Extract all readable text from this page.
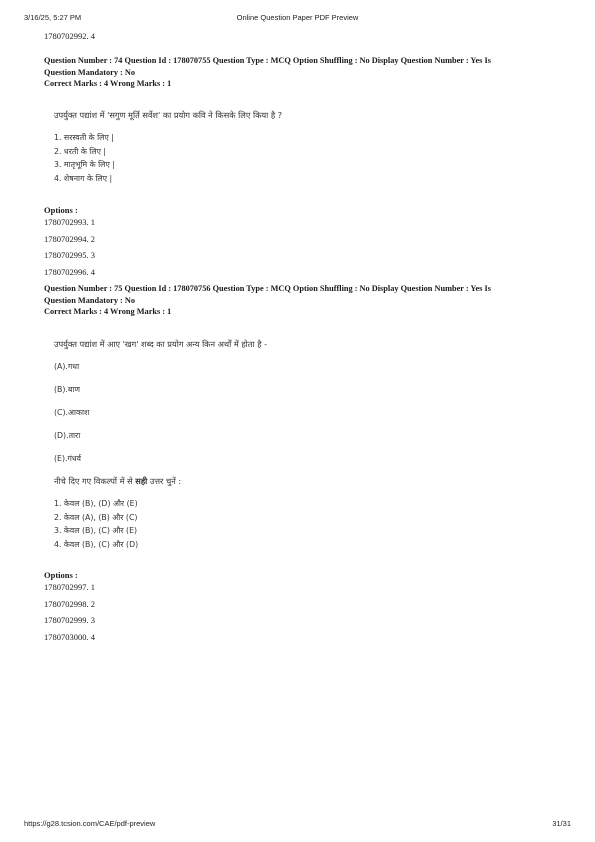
3/16/25, 5:27 PM	Online Question Paper PDF Preview
1780702992. 4
Question Number : 74 Question Id : 178070755 Question Type : MCQ Option Shuffling : No Display Question Number : Yes Is
Question Mandatory : No
Correct Marks : 4 Wrong Marks : 1
उपर्युक्त पद्यांश में 'सगुण मूर्ति सर्वेश' का प्रयोग कवि ने किसके लिए किया है ?
1. सरस्वती के लिए |
2. धरती के लिए |
3. मातृभूमि के लिए |
4. शेषनाग के लिए |
Options :
1780702993. 1
1780702994. 2
1780702995. 3
1780702996. 4
Question Number : 75 Question Id : 178070756 Question Type : MCQ Option Shuffling : No Display Question Number : Yes Is
Question Mandatory : No
Correct Marks : 4 Wrong Marks : 1
उपर्युक्त पद्यांश में आए 'खग' शब्द का प्रयोग अन्य किन अर्थों में होता है -
(A).गधा
(B).बाण
(C).आकाश
(D).तारा
(E).गंधर्व
नीचे दिए गए विकल्पों में से सही उत्तर चुनें :
1. केवल (B), (D) और (E)
2. केवल (A), (B) और (C)
3. केवल (B), (C) और (E)
4. केवल (B), (C) और (D)
Options :
1780702997. 1
1780702998. 2
1780702999. 3
1780703000. 4
https://g28.tcsion.com/CAE/pdf-preview	31/31
